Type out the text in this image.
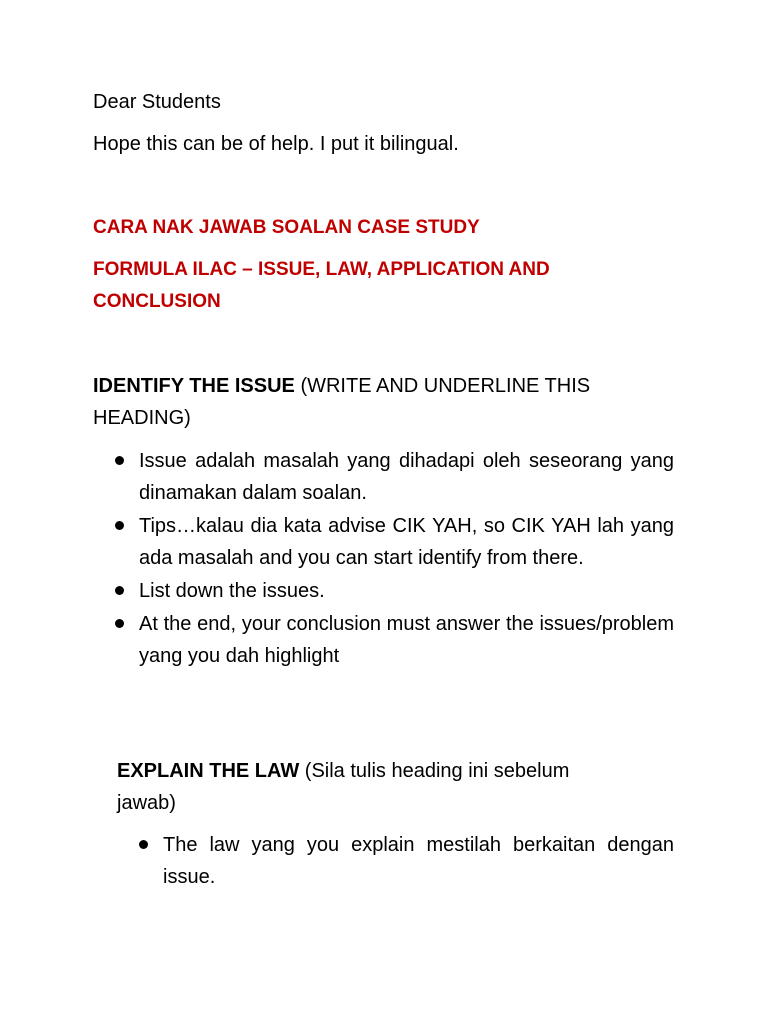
Dear Students
Hope this can be of help. I put it bilingual.
CARA NAK JAWAB SOALAN CASE STUDY
FORMULA ILAC – ISSUE, LAW, APPLICATION AND
CONCLUSION
IDENTIFY THE ISSUE (WRITE AND UNDERLINE THIS
HEADING)
Issue adalah masalah yang dihadapi oleh seseorang yang dinamakan dalam soalan.
Tips…kalau dia kata advise CIK YAH, so CIK YAH lah yang ada masalah and you can start identify from there.
List down the issues.
At the end, your conclusion must answer the issues/problem yang you dah highlight
EXPLAIN THE LAW (Sila tulis heading ini sebelum
jawab)
The law yang you explain mestilah berkaitan dengan issue.
